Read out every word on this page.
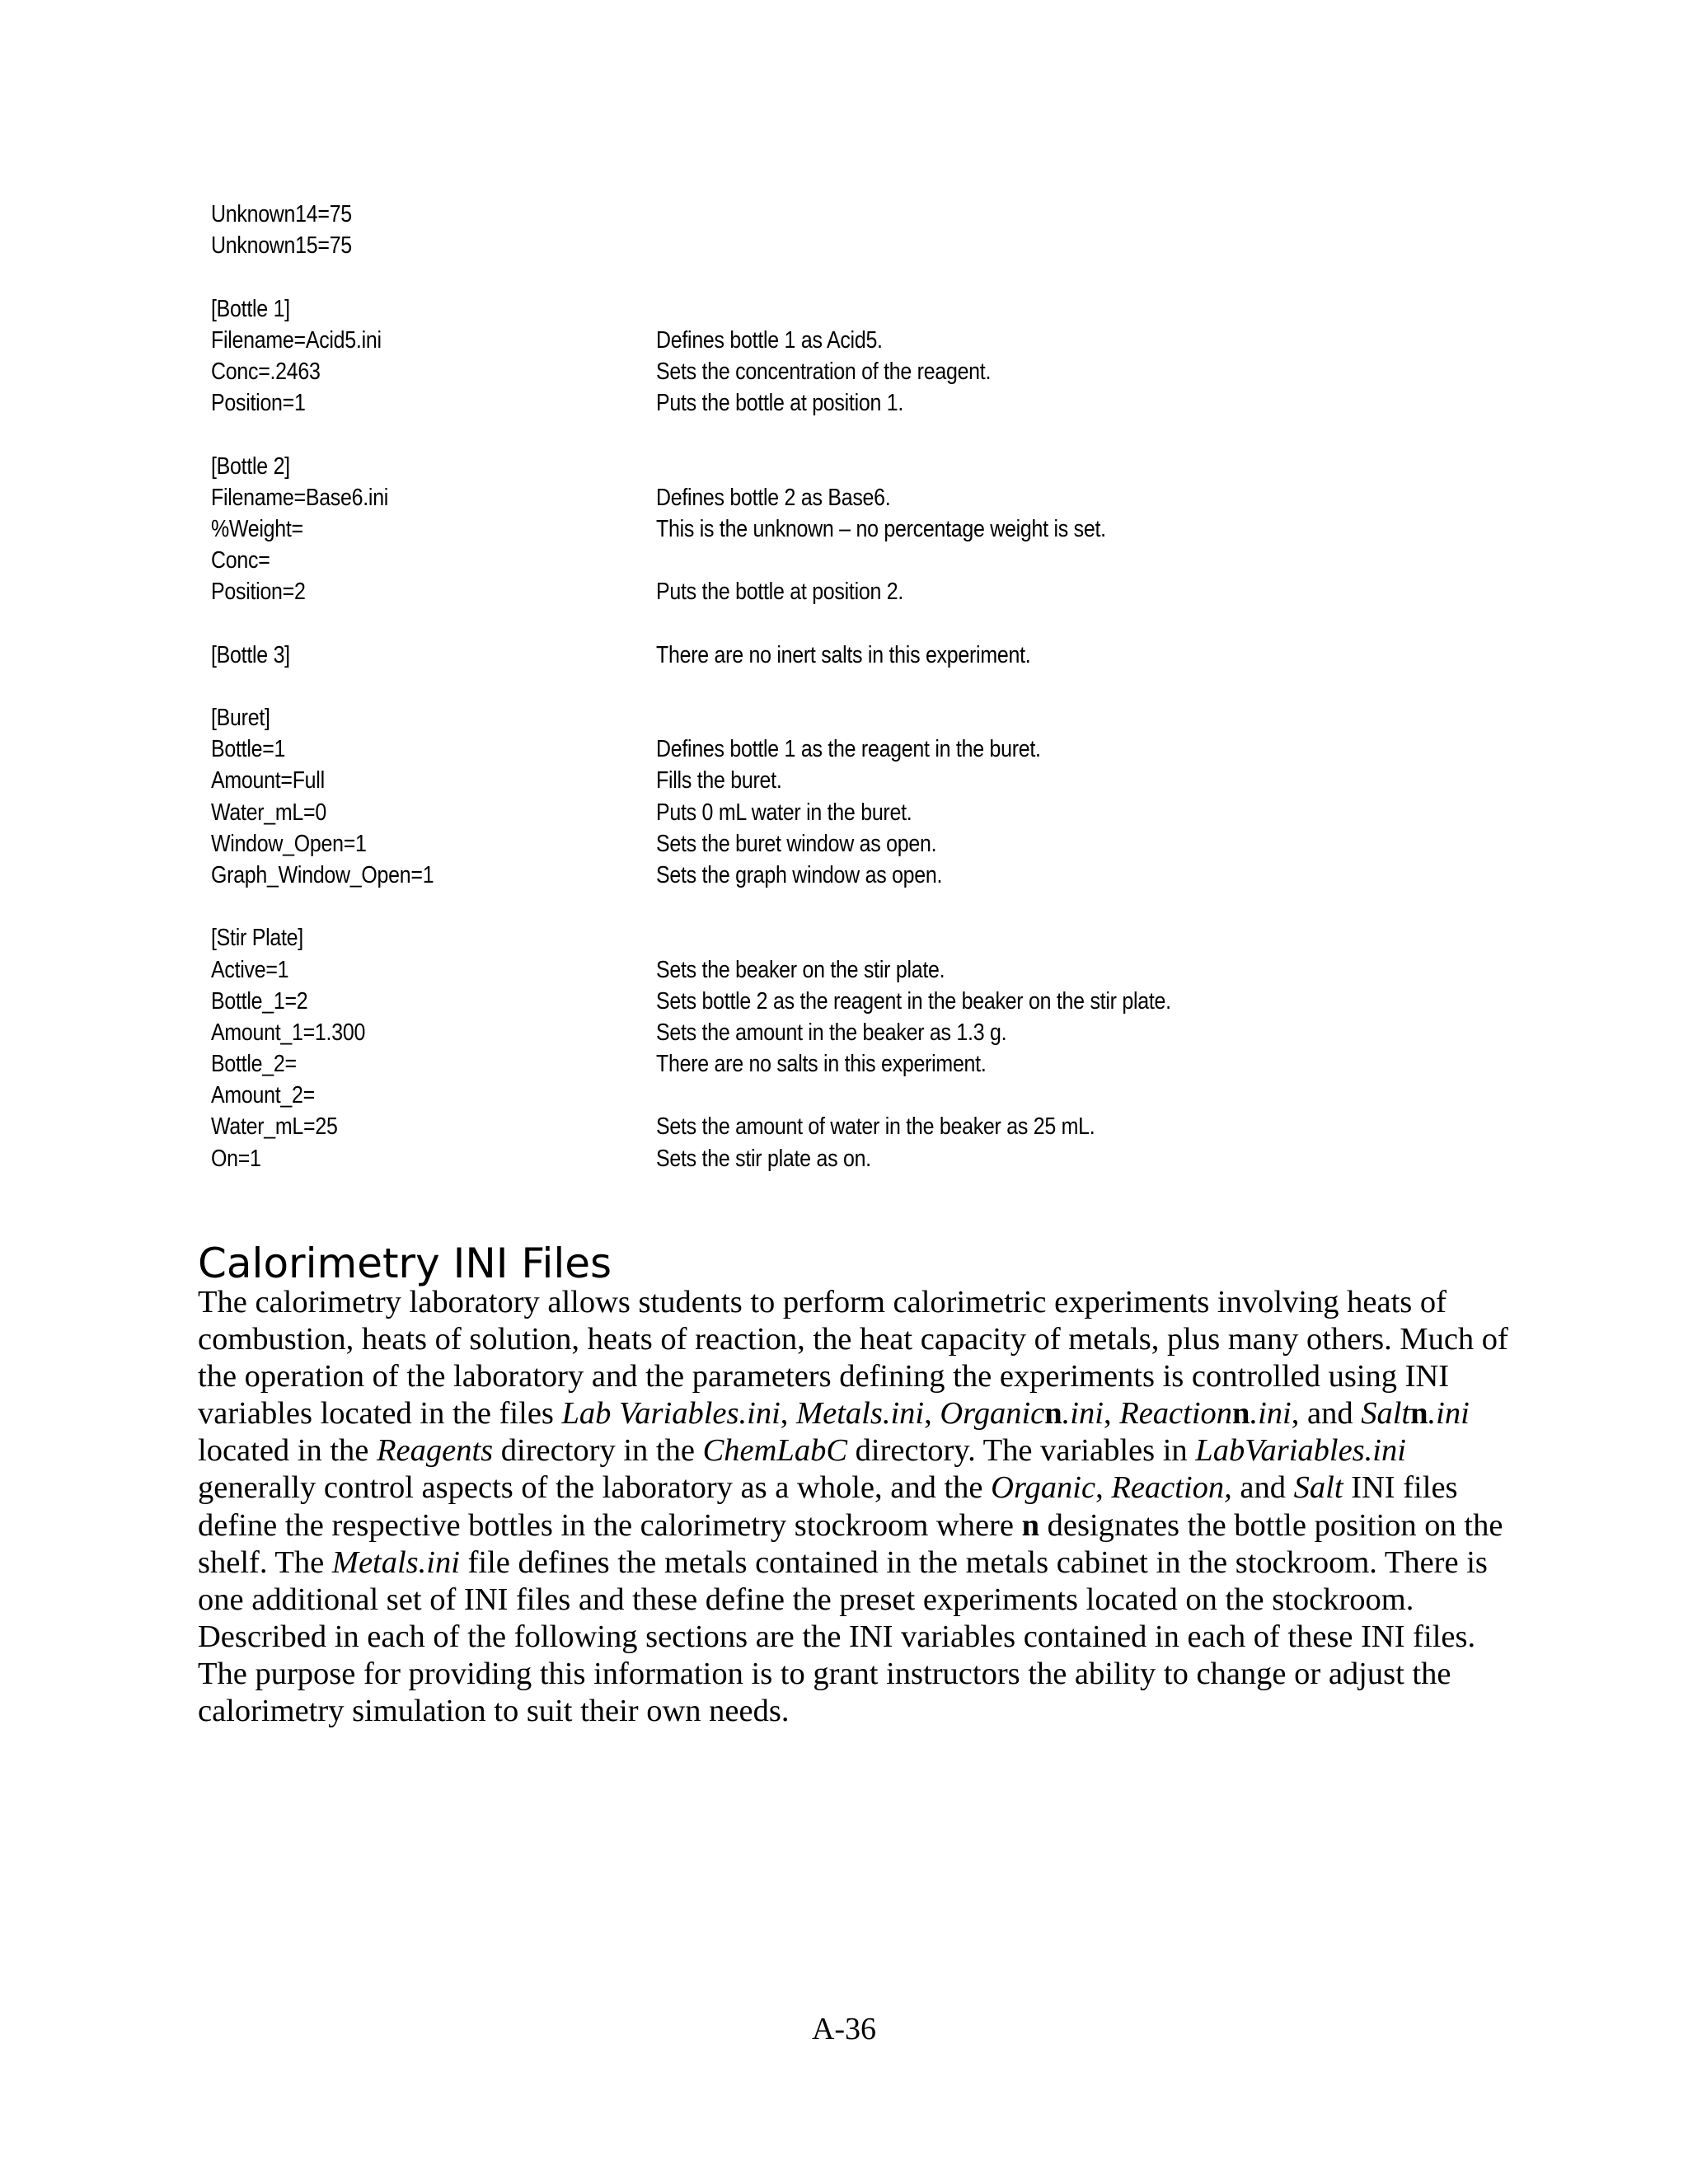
Unknown14=75
Unknown15=75
[Bottle 1]
Filename=Acid5.ini	Defines bottle 1 as Acid5.
Conc=.2463	Sets the concentration of the reagent.
Position=1	Puts the bottle at position 1.
[Bottle 2]
Filename=Base6.ini	Defines bottle 2 as Base6.
%Weight=	This is the unknown – no percentage weight is set.
Conc=
Position=2	Puts the bottle at position 2.
[Bottle 3]	There are no inert salts in this experiment.
[Buret]
Bottle=1	Defines bottle 1 as the reagent in the buret.
Amount=Full	Fills the buret.
Water_mL=0	Puts 0 mL water in the buret.
Window_Open=1	Sets the buret window as open.
Graph_Window_Open=1	Sets the graph window as open.
[Stir Plate]
Active=1	Sets the beaker on the stir plate.
Bottle_1=2	Sets bottle 2 as the reagent in the beaker on the stir plate.
Amount_1=1.300	Sets the amount in the beaker as 1.3 g.
Bottle_2=	There are no salts in this experiment.
Amount_2=
Water_mL=25	Sets the amount of water in the beaker as 25 mL.
On=1	Sets the stir plate as on.
Calorimetry INI Files

The calorimetry laboratory allows students to perform calorimetric experiments involving heats of combustion, heats of solution, heats of reaction, the heat capacity of metals, plus many others. Much of the operation of the laboratory and the parameters defining the experiments is controlled using INI variables located in the files Lab Variables.ini, Metals.ini, Organicn.ini, Reactionn.ini, and Saltn.ini located in the Reagents directory in the ChemLabC directory. The variables in LabVariables.ini generally control aspects of the laboratory as a whole, and the Organic, Reaction, and Salt INI files define the respective bottles in the calorimetry stockroom where n designates the bottle position on the shelf. The Metals.ini file defines the metals contained in the metals cabinet in the stockroom. There is one additional set of INI files and these define the preset experiments located on the stockroom. Described in each of the following sections are the INI variables contained in each of these INI files. The purpose for providing this information is to grant instructors the ability to change or adjust the calorimetry simulation to suit their own needs.

A-36
